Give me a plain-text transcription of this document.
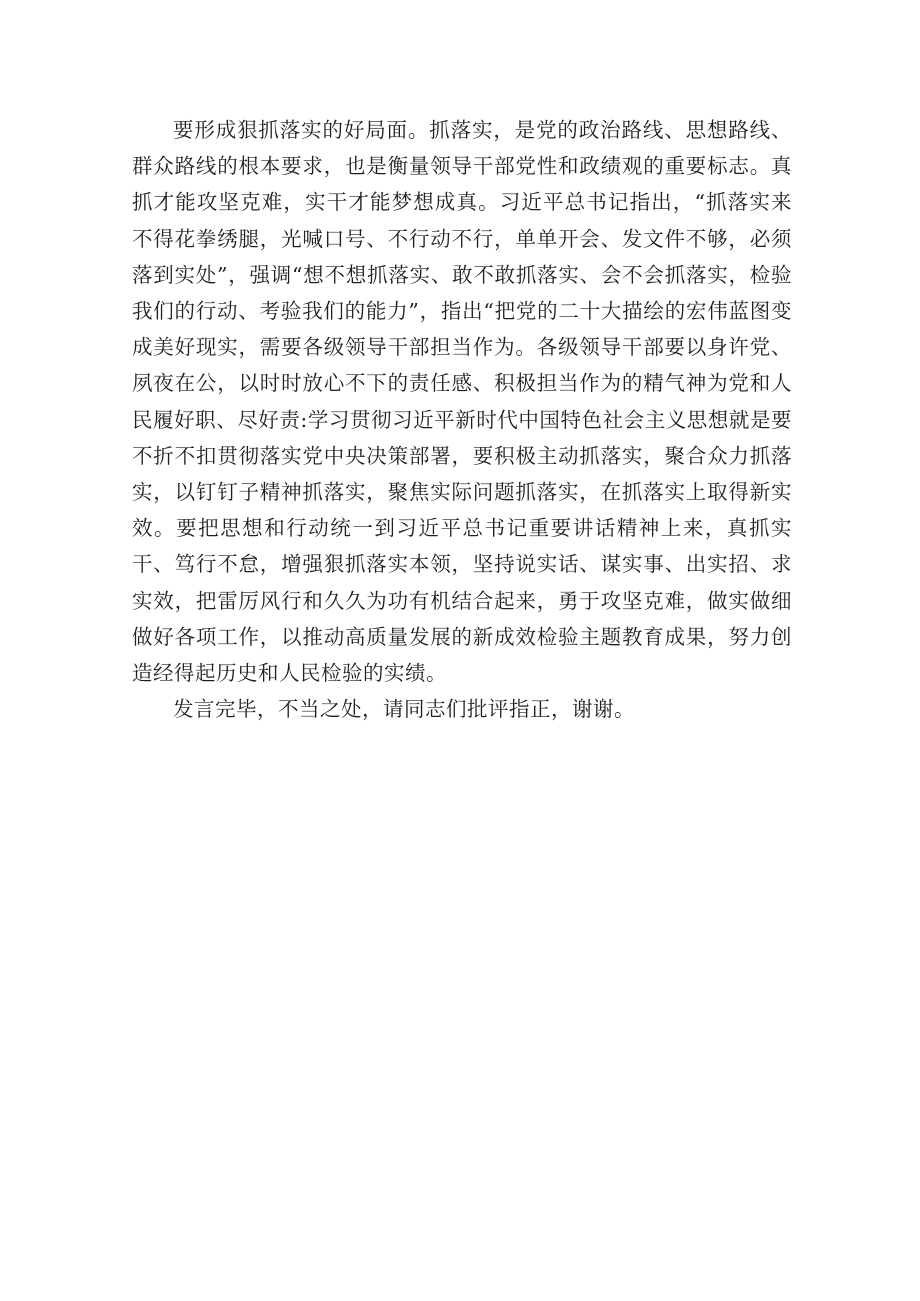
要形成狠抓落实的好局面。抓落实，是党的政治路线、思想路线、群众路线的根本要求，也是衡量领导干部党性和政绩观的重要标志。真抓才能攻坚克难，实干才能梦想成真。习近平总书记指出，“抓落实来不得花拳绣腿，光喊口号、不行动不行，单单开会、发文件不够，必须落到实处”，强调“想不想抓落实、敢不敢抓落实、会不会抓落实，检验我们的行动、考验我们的能力”，指出“把党的二十大描绘的宏伟蓝图变成美好现实，需要各级领导干部担当作为。各级领导干部要以身许党、夙夜在公，以时时放心不下的责任感、积极担当作为的精气神为党和人民履好职、尽好责:学习贯彻习近平新时代中国特色社会主义思想就是要不折不扣贯彻落实党中央决策部署，要积极主动抓落实，聚合众力抓落实，以钉钉子精神抓落实，聚焦实际问题抓落实，在抓落实上取得新实效。要把思想和行动统一到习近平总书记重要讲话精神上来，真抓实干、笃行不怠，增强狠抓落实本领，坚持说实话、谋实事、出实招、求实效，把雷厉风行和久久为功有机结合起来，勇于攻坚克难，做实做细做好各项工作，以推动高质量发展的新成效检验主题教育成果，努力创造经得起历史和人民检验的实绩。

发言完毕，不当之处，请同志们批评指正，谢谢。
